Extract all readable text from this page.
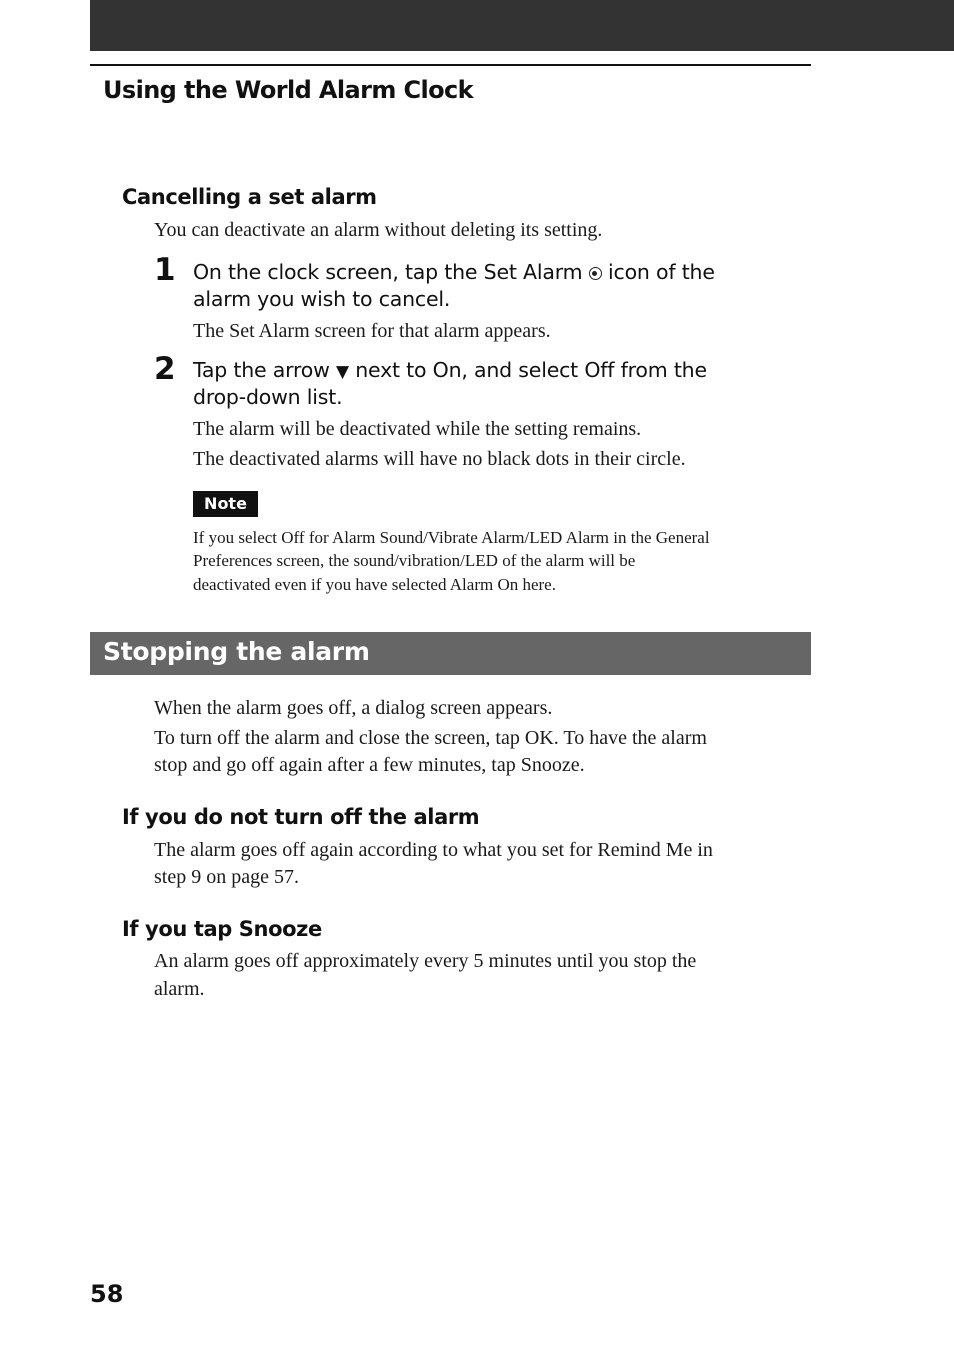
Using the World Alarm Clock
Cancelling a set alarm
You can deactivate an alarm without deleting its setting.
1 On the clock screen, tap the Set Alarm icon of the
alarm you wish to cancel.
The Set Alarm screen for that alarm appears.
2 Tap the arrow ▼ next to On, and select Off from the
drop-down list.
The alarm will be deactivated while the setting remains.
The deactivated alarms will have no black dots in their circle.
Note
If you select Off for Alarm Sound/Vibrate Alarm/LED Alarm in the General
Preferences screen, the sound/vibration/LED of the alarm will be
deactivated even if you have selected Alarm On here.
Stopping the alarm
When the alarm goes off, a dialog screen appears.
To turn off the alarm and close the screen, tap OK. To have the alarm
stop and go off again after a few minutes, tap Snooze.
If you do not turn off the alarm
The alarm goes off again according to what you set for Remind Me in
step 9 on page 57.
If you tap Snooze
An alarm goes off approximately every 5 minutes until you stop the
alarm.
58
